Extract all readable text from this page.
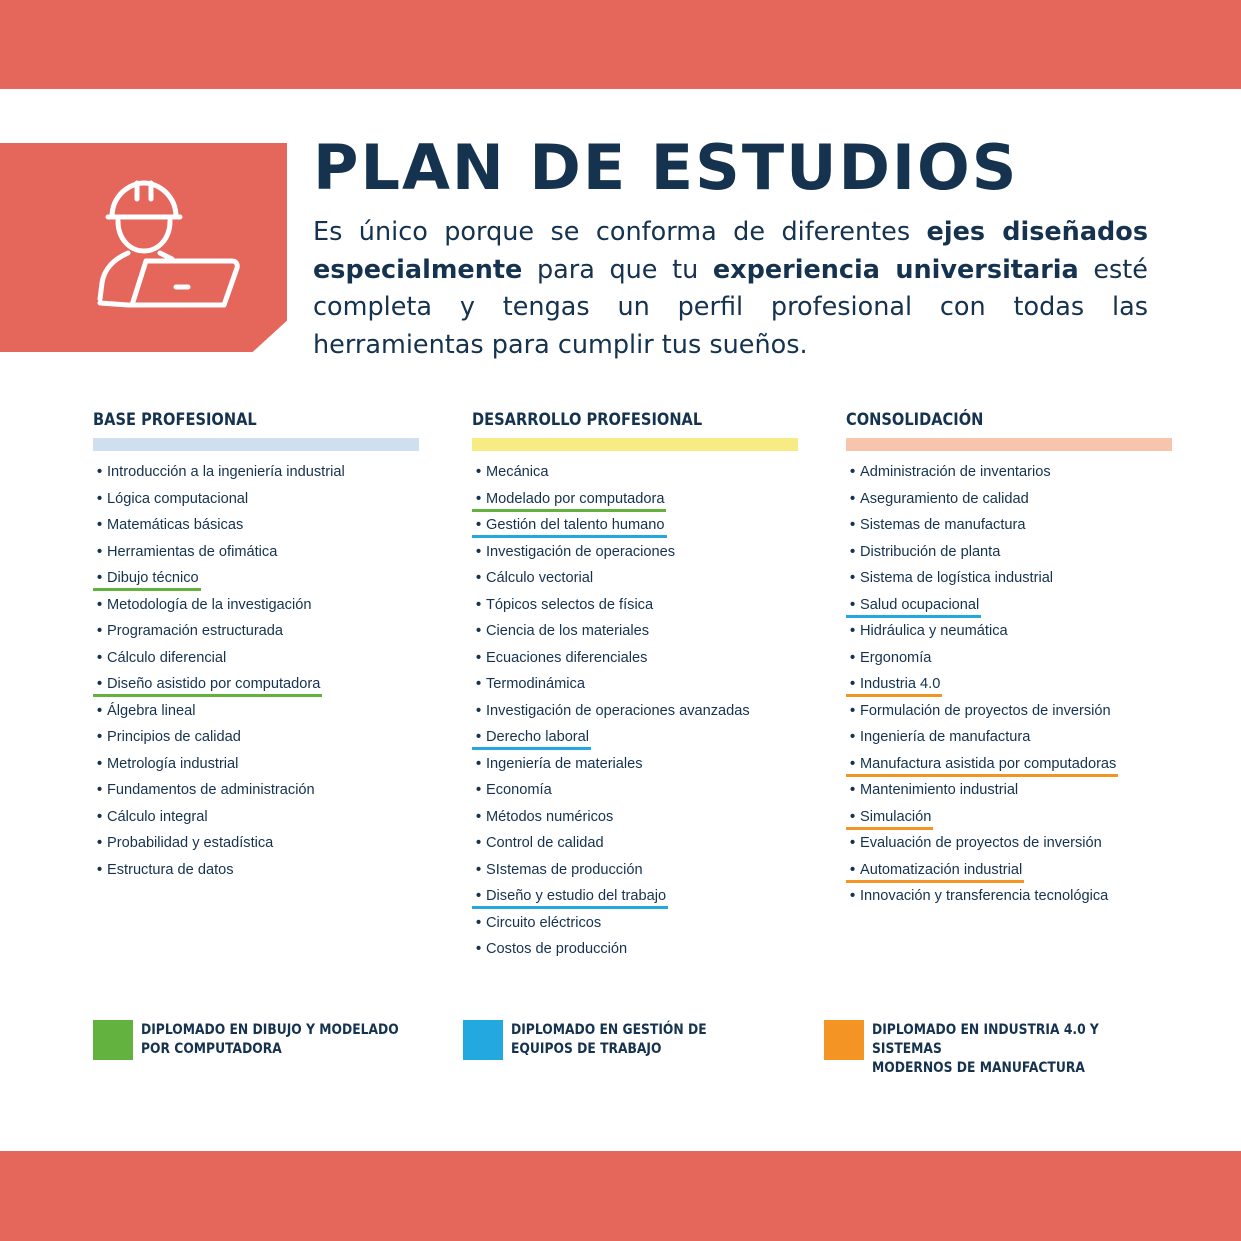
PLAN DE ESTUDIOS

Es único porque se conforma de diferentes ejes diseñados especialmente para que tu experiencia universitaria esté completa y tengas un perfil profesional con todas las herramientas para cumplir tus sueños.

BASE PROFESIONAL
• Introducción a la ingeniería industrial
• Lógica computacional
• Matemáticas básicas
• Herramientas de ofimática
• Dibujo técnico
• Metodología de la investigación
• Programación estructurada
• Cálculo diferencial
• Diseño asistido por computadora
• Álgebra lineal
• Principios de calidad
• Metrología industrial
• Fundamentos de administración
• Cálculo integral
• Probabilidad y estadística
• Estructura de datos
DESARROLLO PROFESIONAL
• Mecánica
• Modelado por computadora
• Gestión del talento humano
• Investigación de operaciones
• Cálculo vectorial
• Tópicos selectos de física
• Ciencia de los materiales
• Ecuaciones diferenciales
• Termodinámica
• Investigación de operaciones avanzadas
• Derecho laboral
• Ingeniería de materiales
• Economía
• Métodos numéricos
• Control de calidad
• SIstemas de producción
• Diseño y estudio del trabajo
• Circuito eléctricos
• Costos de producción
CONSOLIDACIÓN
• Administración de inventarios
• Aseguramiento de calidad
• Sistemas de manufactura
• Distribución de planta
• Sistema de logística industrial
• Salud ocupacional
• Hidráulica y neumática
• Ergonomía
• Industria 4.0
• Formulación de proyectos de inversión
• Ingeniería de manufactura
• Manufactura asistida por computadoras
• Mantenimiento industrial
• Simulación
• Evaluación de proyectos de inversión
• Automatización industrial
• Innovación y transferencia tecnológica
DIPLOMADO EN DIBUJO Y MODELADO
POR COMPUTADORA
DIPLOMADO EN GESTIÓN DE
EQUIPOS DE TRABAJO
DIPLOMADO EN INDUSTRIA 4.0 Y SISTEMAS
MODERNOS DE MANUFACTURA
